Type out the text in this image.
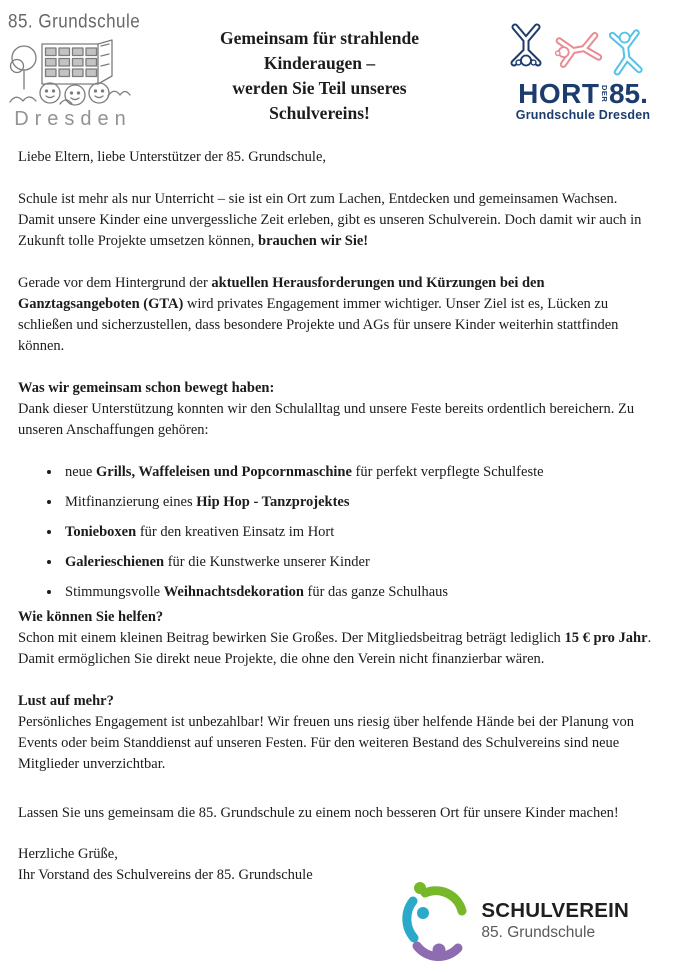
85. Grundschule
Dresden
Gemeinsam für strahlende
Kinderaugen –
werden Sie Teil unseres
Schulvereins!
HORT DER 85.
Grundschule Dresden

Liebe Eltern, liebe Unterstützer der 85. Grundschule,

Schule ist mehr als nur Unterricht – sie ist ein Ort zum Lachen, Entdecken und gemeinsamen Wachsen. Damit unsere Kinder eine unvergessliche Zeit erleben, gibt es unseren Schulverein. Doch damit wir auch in Zukunft tolle Projekte umsetzen können, brauchen wir Sie!

Gerade vor dem Hintergrund der aktuellen Herausforderungen und Kürzungen bei den Ganztagsangeboten (GTA) wird privates Engagement immer wichtiger. Unser Ziel ist es, Lücken zu schließen und sicherzustellen, dass besondere Projekte und AGs für unsere Kinder weiterhin stattfinden können.

Was wir gemeinsam schon bewegt haben:

Dank dieser Unterstützung konnten wir den Schulalltag und unsere Feste bereits ordentlich bereichern. Zu unseren Anschaffungen gehören:

• neue Grills, Waffeleisen und Popcornmaschine für perfekt verpflegte Schulfeste
• Mitfinanzierung eines Hip Hop - Tanzprojektes
• Tonieboxen für den kreativen Einsatz im Hort
• Galerieschienen für die Kunstwerke unserer Kinder
• Stimmungsvolle Weihnachtsdekoration für das ganze Schulhaus

Wie können Sie helfen?

Schon mit einem kleinen Beitrag bewirken Sie Großes. Der Mitgliedsbeitrag beträgt lediglich 15 € pro Jahr. Damit ermöglichen Sie direkt neue Projekte, die ohne den Verein nicht finanzierbar wären.

Lust auf mehr?

Persönliches Engagement ist unbezahlbar! Wir freuen uns riesig über helfende Hände bei der Planung von Events oder beim Standdienst auf unseren Festen. Für den weiteren Bestand des Schulvereins sind neue Mitglieder unverzichtbar.

Lassen Sie uns gemeinsam die 85. Grundschule zu einem noch besseren Ort für unsere Kinder machen!

Herzliche Grüße,

Ihr Vorstand des Schulvereins der 85. Grundschule

SCHULVEREIN
85. Grundschule
